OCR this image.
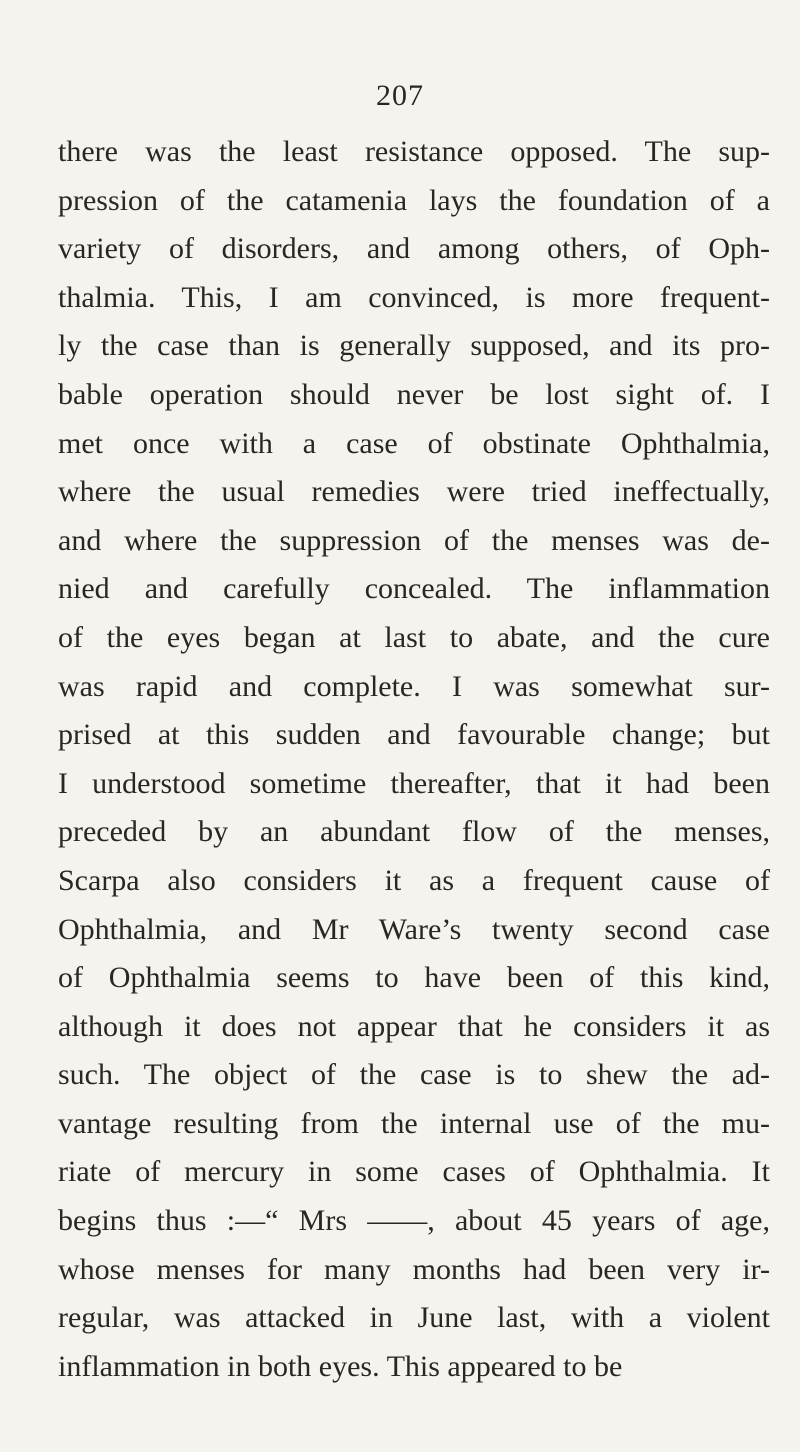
207
there was the least resistance opposed. The sup-
pression of the catamenia lays the foundation of a
variety of disorders, and among others, of Oph-
thalmia. This, I am convinced, is more frequent-
ly the case than is generally supposed, and its pro-
bable operation should never be lost sight of. I
met once with a case of obstinate Ophthalmia,
where the usual remedies were tried ineffectually,
and where the suppression of the menses was de-
nied and carefully concealed. The inflammation
of the eyes began at last to abate, and the cure
was rapid and complete. I was somewhat sur-
prised at this sudden and favourable change; but
I understood sometime thereafter, that it had been
preceded by an abundant flow of the menses,
Scarpa also considers it as a frequent cause of
Ophthalmia, and Mr Ware’s twenty second case
of Ophthalmia seems to have been of this kind,
although it does not appear that he considers it as
such. The object of the case is to shew the ad-
vantage resulting from the internal use of the mu-
riate of mercury in some cases of Ophthalmia. It
begins thus :—“ Mrs ——, about 45 years of age,
whose menses for many months had been very ir-
regular, was attacked in June last, with a violent
inflammation in both eyes. This appeared to be
